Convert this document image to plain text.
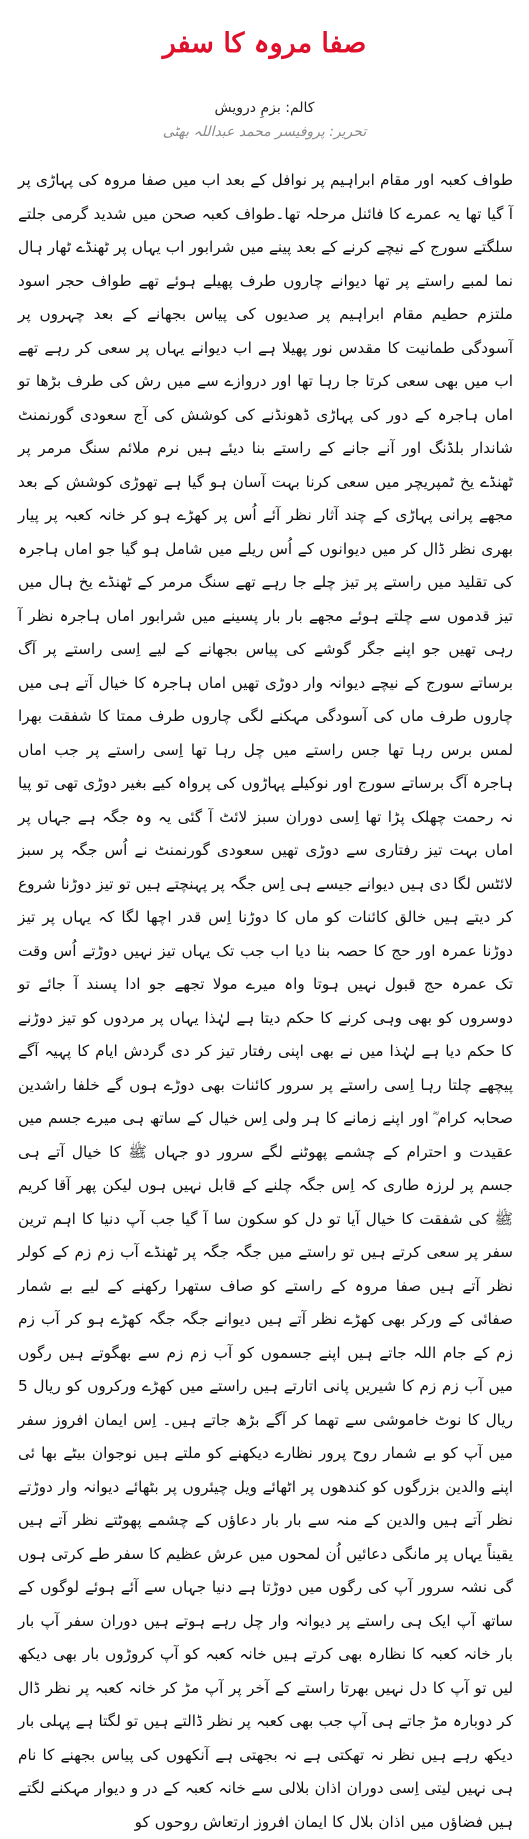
صفا مروہ کا سفر
کالم: بزمِ درویش
تحریر: پروفیسر محمد عبداللہ بھٹی

طواف کعبہ اور مقام ابراہیم پر نوافل کے بعد اب میں صفا مروہ کی پہاڑی پر آ گیا تھا یہ عمرے کا فائنل مرحلہ تھا۔طواف کعبہ صحن میں شدید گرمی جلتے سلگتے سورج کے نیچے کرنے کے بعد پینے میں شرابور اب یہاں پر ٹھنڈے ٹھار ہال نما لمبے راستے پر تھا دیوانے چاروں طرف پھیلے ہوئے تھے طواف حجر اسود ملتزم حطیم مقام ابراہیم پر صدیوں کی پیاس بجھانے کے بعد چہروں پر آسودگی طمانیت کا مقدس نور پھیلا ہے اب دیوانے یہاں پر سعی کر رہے تھے اب میں بھی سعی کرتا جا رہا تھا اور دروازے سے میں رش کی طرف بڑھا تو اماں ہاجرہ کے دور کی پہاڑی ڈھونڈنے کی کوشش کی آج سعودی گورنمنٹ شاندار بلڈنگ اور آنے جانے کے راستے بنا دیئے ہیں نرم ملائم سنگ مرمر پر ٹھنڈے یخ ٹمپریچر میں سعی کرنا بہت آسان ہو گیا ہے تھوڑی کوشش کے بعد مجھے پرانی پہاڑی کے چند آثار نظر آئے اُس پر کھڑے ہو کر خانہ کعبہ پر پیار بھری نظر ڈال کر میں دیوانوں کے اُس ریلے میں شامل ہو گیا جو اماں ہاجرہ کی تقلید میں راستے پر تیز چلے جا رہے تھے سنگ مرمر کے ٹھنڈے یخ ہال میں تیز قدموں سے چلتے ہوئے مجھے بار بار پسینے میں شرابور اماں ہاجرہ نظر آ رہی تھیں جو اپنے جگر گوشے کی پیاس بجھانے کے لیے اِسی راستے پر آگ برساتے سورج کے نیچے دیوانہ وار دوڑی تھیں اماں ہاجرہ کا خیال آتے ہی میں چاروں طرف ماں کی آسودگی مہکنے لگی چاروں طرف ممتا کا شفقت بھرا لمس برس رہا تھا جس راستے میں چل رہا تھا اِسی راستے پر جب اماں ہاجرہ آگ برساتے سورج اور نوکیلے پہاڑوں کی پرواہ کیے بغیر دوڑی تھی تو پیا نہ رحمت چھلک پڑا تھا اِسی دوران سبز لائٹ آ گئی یہ وہ جگہ ہے جہاں پر اماں بہت تیز رفتاری سے دوڑی تھیں سعودی گورنمنٹ نے اُس جگہ پر سبز لائٹس لگا دی ہیں دیوانے جیسے ہی اِس جگہ پر پہنچتے ہیں تو تیز دوڑنا شروع کر دیتے ہیں خالق کائنات کو ماں کا دوڑنا اِس قدر اچھا لگا کہ یہاں پر تیز دوڑنا عمرہ اور حج کا حصہ بنا دیا اب جب تک یہاں تیز نہیں دوڑتے اُس وقت تک عمرہ حج قبول نہیں ہوتا واہ میرے مولا تجھے جو ادا پسند آ جائے تو دوسروں کو بھی وہی کرنے کا حکم دیتا ہے لہٰذا یہاں پر مردوں کو تیز دوڑنے کا حکم دیا ہے لہٰذا میں نے بھی اپنی رفتار تیز کر دی گردش ایام کا پہیہ آگے پیچھے چلتا رہا اِسی راستے پر سرور کائنات بھی دوڑے ہوں گے خلفا راشدین صحابہ کرام ؓ اور اپنے زمانے کا ہر ولی اِس خیال کے ساتھ ہی میرے جسم میں عقیدت و احترام کے چشمے پھوٹنے لگے سرور دو جہاں ﷺ کا خیال آتے ہی جسم پر لرزہ طاری کہ اِس جگہ چلنے کے قابل نہیں ہوں لیکن پھر آقا کریم ﷺ کی شفقت کا خیال آیا تو دل کو سکون سا آ گیا جب آپ دنیا کا اہم ترین سفر پر سعی کرتے ہیں تو راستے میں جگہ جگہ پر ٹھنڈے آب زم زم کے کولر نظر آتے ہیں صفا مروہ کے راستے کو صاف ستھرا رکھنے کے لیے بے شمار صفائی کے ورکر بھی کھڑے نظر آتے ہیں دیوانے جگہ جگہ کھڑے ہو کر آب زم زم کے جام اللہ جاتے ہیں اپنے جسموں کو آب زم زم سے بھگوتے ہیں رگوں میں آب زم زم کا شیریں پانی اتارتے ہیں راستے میں کھڑے ورکروں کو ریال 5 ریال کا نوٹ خاموشی سے تھما کر آگے بڑھ جاتے ہیں۔ اِس ایمان افروز سفر میں آپ کو بے شمار روح پرور نظارے دیکھنے کو ملتے ہیں نوجوان بیٹے بھا ئی اپنے والدین بزرگوں کو کندھوں پر اٹھائے ویل چیئروں پر بٹھائے دیوانہ وار دوڑتے نظر آتے ہیں والدین کے منہ سے بار بار دعاؤں کے چشمے پھوٹتے نظر آتے ہیں یقیناً یہاں پر مانگی دعائیں اُن لمحوں میں عرش عظیم کا سفر طے کرتی ہوں گی نشہ سرور آپ کی رگوں میں دوڑتا ہے دنیا جہاں سے آئے ہوئے لوگوں کے ساتھ آپ ایک ہی راستے پر دیوانہ وار چل رہے ہوتے ہیں دوران سفر آپ بار بار خانہ کعبہ کا نظارہ بھی کرتے ہیں خانہ کعبہ کو آپ کروڑوں بار بھی دیکھ لیں تو آپ کا دل نہیں بھرتا راستے کے آخر پر آپ مڑ کر خانہ کعبہ پر نظر ڈال کر دوبارہ مڑ جاتے ہی آپ جب بھی کعبہ پر نظر ڈالتے ہیں تو لگتا ہے پہلی بار دیکھ رہے ہیں نظر نہ تھکتی ہے نہ بجھتی ہے آنکھوں کی پیاس بجھنے کا نام ہی نہیں لیتی اِسی دوران اذان بلالی سے خانہ کعبہ کے در و دیوار مہکنے لگتے ہیں فضاؤں میں اذان بلال کا ایمان افروز ارتعاش روحوں کو
